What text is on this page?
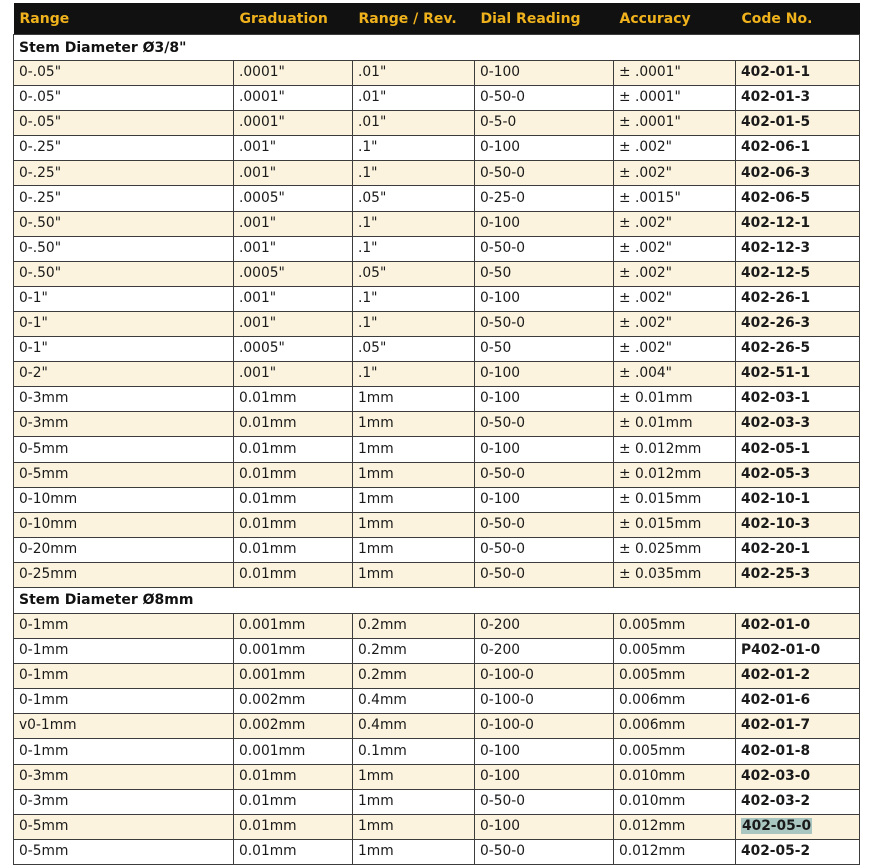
Range	Graduation	Range / Rev.	Dial Reading	Accuracy	Code No.
Stem Diameter Ø3/8"					
0-.05"	.0001"	.01"	0-100	± .0001"	402-01-1
0-.05"	.0001"	.01"	0-50-0	± .0001"	402-01-3
0-.05"	.0001"	.01"	0-5-0	± .0001"	402-01-5
0-.25"	.001"	.1"	0-100	± .002"	402-06-1
0-.25"	.001"	.1"	0-50-0	± .002"	402-06-3
0-.25"	.0005"	.05"	0-25-0	± .0015"	402-06-5
0-.50"	.001"	.1"	0-100	± .002"	402-12-1
0-.50"	.001"	.1"	0-50-0	± .002"	402-12-3
0-.50"	.0005"	.05"	0-50	± .002"	402-12-5
0-1"	.001"	.1"	0-100	± .002"	402-26-1
0-1"	.001"	.1"	0-50-0	± .002"	402-26-3
0-1"	.0005"	.05"	0-50	± .002"	402-26-5
0-2"	.001"	.1"	0-100	± .004"	402-51-1
0-3mm	0.01mm	1mm	0-100	± 0.01mm	402-03-1
0-3mm	0.01mm	1mm	0-50-0	± 0.01mm	402-03-3
0-5mm	0.01mm	1mm	0-100	± 0.012mm	402-05-1
0-5mm	0.01mm	1mm	0-50-0	± 0.012mm	402-05-3
0-10mm	0.01mm	1mm	0-100	± 0.015mm	402-10-1
0-10mm	0.01mm	1mm	0-50-0	± 0.015mm	402-10-3
0-20mm	0.01mm	1mm	0-50-0	± 0.025mm	402-20-1
0-25mm	0.01mm	1mm	0-50-0	± 0.035mm	402-25-3
Stem Diameter Ø8mm					
0-1mm	0.001mm	0.2mm	0-200	0.005mm	402-01-0
0-1mm	0.001mm	0.2mm	0-200	0.005mm	P402-01-0
0-1mm	0.001mm	0.2mm	0-100-0	0.005mm	402-01-2
0-1mm	0.002mm	0.4mm	0-100-0	0.006mm	402-01-6
v0-1mm	0.002mm	0.4mm	0-100-0	0.006mm	402-01-7
0-1mm	0.001mm	0.1mm	0-100	0.005mm	402-01-8
0-3mm	0.01mm	1mm	0-100	0.010mm	402-03-0
0-3mm	0.01mm	1mm	0-50-0	0.010mm	402-03-2
0-5mm	0.01mm	1mm	0-100	0.012mm	402-05-0
0-5mm	0.01mm	1mm	0-50-0	0.012mm	402-05-2
